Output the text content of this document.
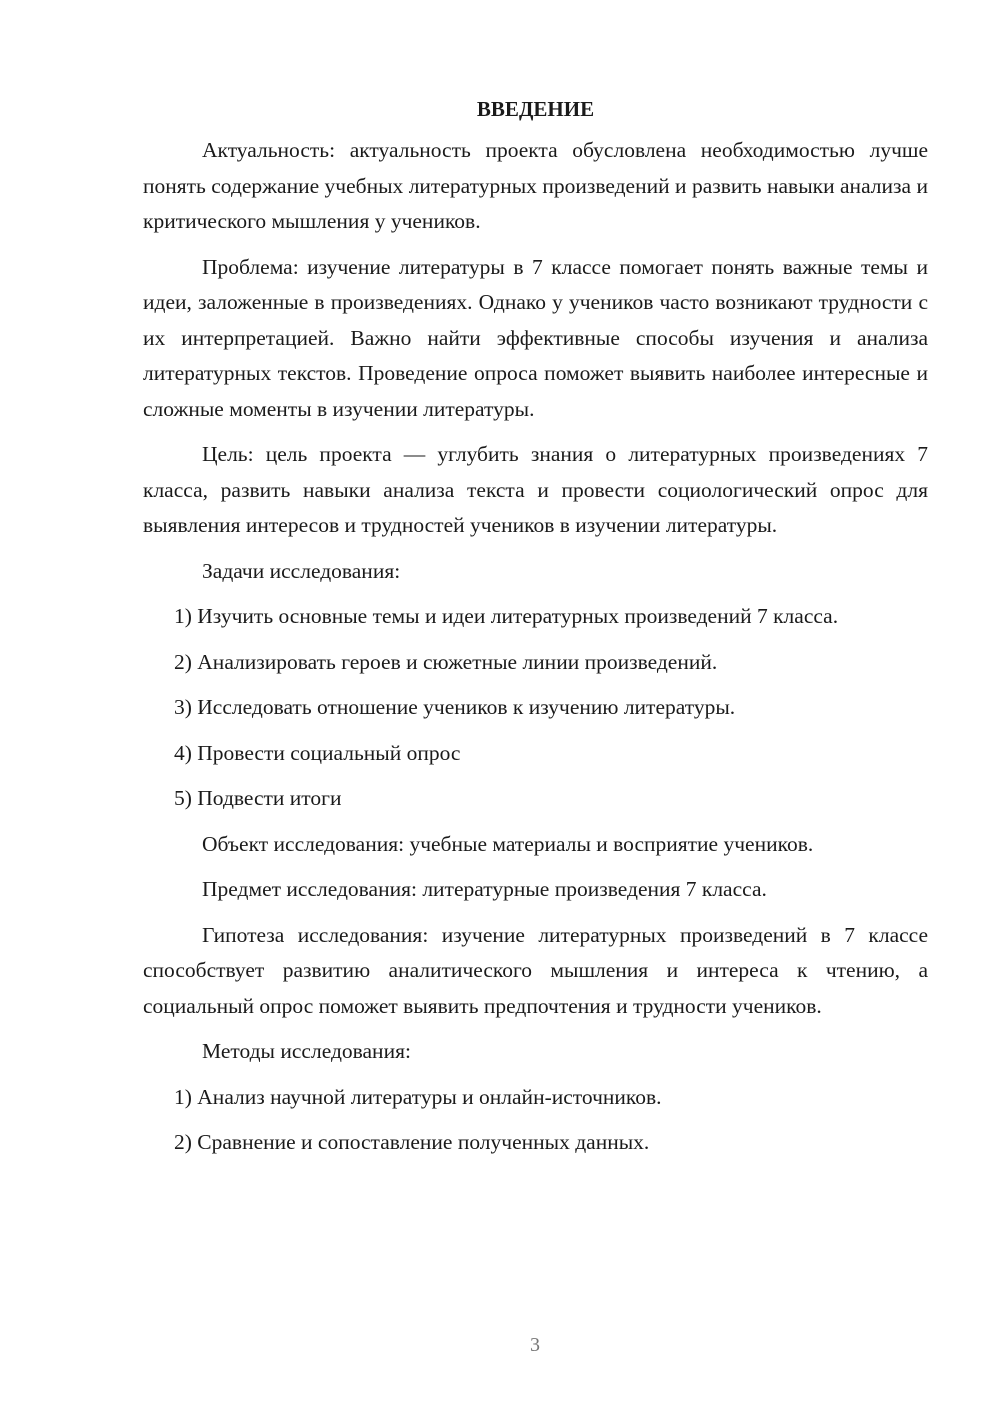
ВВЕДЕНИЕ

Актуальность: актуальность проекта обусловлена необходимостью лучше понять содержание учебных литературных произведений и развить навыки анализа и критического мышления у учеников.

Проблема: изучение литературы в 7 классе помогает понять важные темы и идеи, заложенные в произведениях. Однако у учеников часто возникают трудности с их интерпретацией. Важно найти эффективные способы изучения и анализа литературных текстов. Проведение опроса поможет выявить наиболее интересные и сложные моменты в изучении литературы.

Цель: цель проекта — углубить знания о литературных произведениях 7 класса, развить навыки анализа текста и провести социологический опрос для выявления интересов и трудностей учеников в изучении литературы.

Задачи исследования:

1) Изучить основные темы и идеи литературных произведений 7 класса.

2) Анализировать героев и сюжетные линии произведений.

3) Исследовать отношение учеников к изучению литературы.

4) Провести социальный опрос

5) Подвести итоги

Объект исследования: учебные материалы и восприятие учеников.

Предмет исследования: литературные произведения 7 класса.

Гипотеза исследования: изучение литературных произведений в 7 классе способствует развитию аналитического мышления и интереса к чтению, а социальный опрос поможет выявить предпочтения и трудности учеников.

Методы исследования:

1) Анализ научной литературы и онлайн-источников.

2) Сравнение и сопоставление полученных данных.

3
